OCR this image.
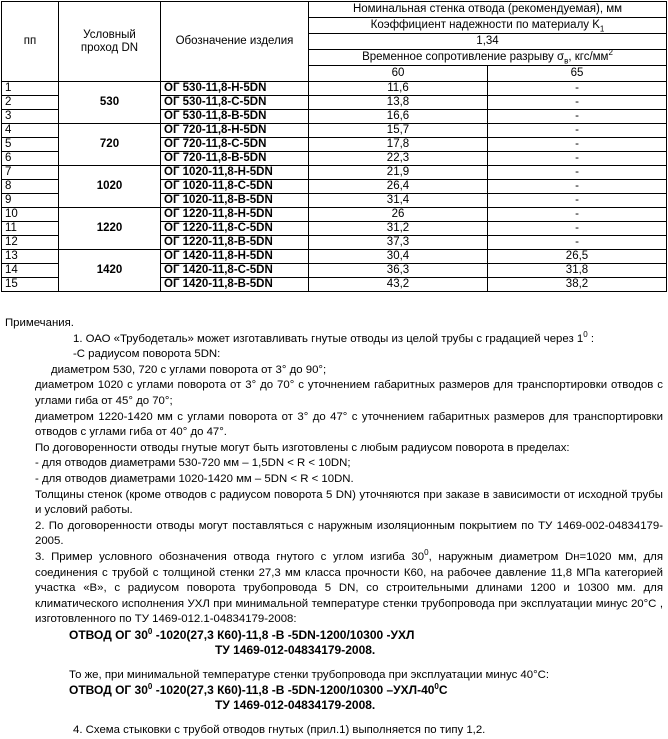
пп	Условный проход DN	Обозначение изделия	Номинальная стенка отвода (рекомендуемая), мм	
			Коэффициент надежности по материалу $K_1$
			1,34	
			Временное сопротивление разрыву $\sigma_в$, кгс/$мм^2$
			60	65
1	530	ОГ 530-11,8-Н-5DN	11,6	-
2		ОГ 530-11,8-С-5DN	13,8	-
3		ОГ 530-11,8-В-5DN	16,6	-
4	720	ОГ 720-11,8-Н-5DN	15,7	-
5		ОГ 720-11,8-С-5DN	17,8	-
6		ОГ 720-11,8-В-5DN	22,3	-
7	1020	ОГ 1020-11,8-Н-5DN	21,9	-
8		ОГ 1020-11,8-С-5DN	26,4	-
9		ОГ 1020-11,8-В-5DN	31,4	-
10	1220	ОГ 1220-11,8-Н-5DN	26	-
11		ОГ 1220-11,8-С-5DN	31,2	-
12		ОГ 1220-11,8-В-5DN	37,3	-
13	1420	ОГ 1420-11,8-Н-5DN	30,4	26,5
14		ОГ 1420-11,8-С-5DN	36,3	31,8
15		ОГ 1420-11,8-В-5DN	43,2	38,2

Примечания.

1. ОАО «Трубодеталь» может изготавливать гнутые отводы из целой трубы с градацией через $1^0$ :

-С радиусом поворота 5DN:

диаметром 530, 720 с углами поворота от 3° до 90°;

диаметром 1020 с углами поворота от 3° до 70° с уточнением габаритных размеров для транспортировки отводов с углами гиба от 45° до 70°;

диаметром 1220-1420 мм с углами поворота от 3° до 47° с уточнением габаритных размеров для транспортировки отводов с углами гиба от 40° до 47°.

По договоренности отводы гнутые могут быть изготовлены с любым радиусом поворота в пределах:

- для отводов диаметрами 530-720 мм – 1,5DN < R < 10DN;

- для отводов диаметрами 1020-1420 мм – 5DN < R < 10DN.

Толщины стенок (кроме отводов с радиусом поворота 5 DN) уточняются при заказе в зависимости от исходной трубы и условий работы.

2. По договоренности отводы могут поставляться с наружным изоляционным покрытием по ТУ 1469-002-04834179-2005.

3. Пример условного обозначения отвода гнутого с углом изгиба $30^0$, наружным диаметром Dн=1020 мм, для соединения с трубой с толщиной стенки 27,3 мм класса прочности К60, на рабочее давление 11,8 МПа категорией участка «В», с радиусом поворота трубопровода 5 DN, со строительными длинами 1200 и 10300 мм. для климатического исполнения УХЛ при минимальной температуре стенки трубопровода при эксплуатации минус 20°С , изготовленного по ТУ 1469-012.1-04834179-2008:

ОТВОД ОГ $30^0$ -1020(27,3 К60)-11,8 -В -5DN-1200/10300 -УХЛ

ТУ 1469-012-04834179-2008.

То же, при минимальной температуре стенки трубопровода при эксплуатации минус 40°С:

ОТВОД ОГ $30^0$ -1020(27,3 К60)-11,8 -В -5DN-1200/10300 $-УХЛ-40^0С$

ТУ 1469-012-04834179-2008.

4. Схема стыковки с трубой отводов гнутых (прил.1) выполняется по типу 1,2.
